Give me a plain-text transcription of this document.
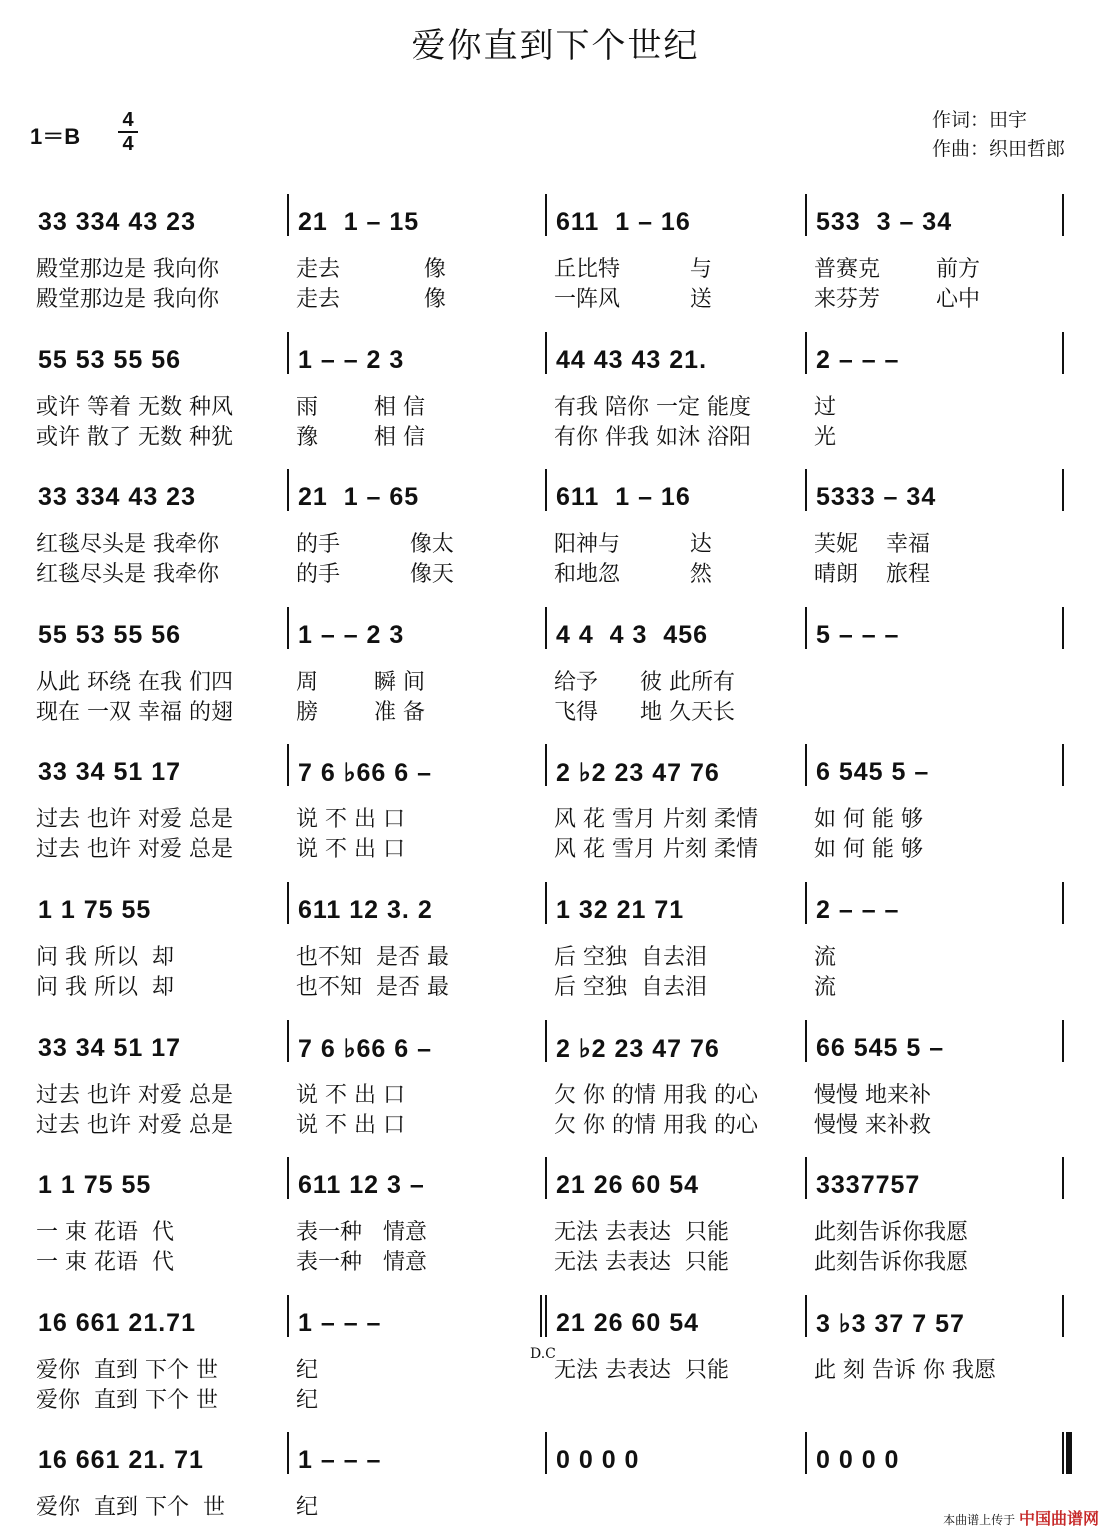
爱你直到下个世纪
1＝B
4
4
作词：田宇
作曲：织田哲郎
33 334 43 23	21  1 – 15	611  1 – 16	533  3 – 34
殿堂那边是 我向你	走去            像	丘比特          与	普赛克        前方
殿堂那边是 我向你	走去            像	一阵风          送	来芬芳        心中
55 53 55 56	1 – – 2 3	44 43 43 21.	2 – – –
或许 等着 无数 种风	雨        相 信	有我 陪你 一定 能度	过
或许 散了 无数 种犹	豫        相 信	有你 伴我 如沐 浴阳	光
33 334 43 23	21  1 – 65	611  1 – 16	5333 – 34
红毯尽头是 我牵你	的手          像太	阳神与          达	芙妮    幸福
红毯尽头是 我牵你	的手          像天	和地忽          然	晴朗    旅程
55 53 55 56	1 – – 2 3	4 4  4 3  456	5 – – –
从此 环绕 在我 们四	周        瞬 间	给予      彼 此所有
现在 一双 幸福 的翅	膀        准 备	飞得      地 久天长
33 34 51 17	7 6 ♭66 6 –	2 ♭2 23 47 76	6 545 5 –
过去 也许 对爱 总是	说 不 出 口	风 花 雪月 片刻 柔情	如 何 能 够
过去 也许 对爱 总是	说 不 出 口	风 花 雪月 片刻 柔情	如 何 能 够
1 1 75 55	611 12 3. 2	1 32 21 71	2 – – –
问 我 所以  却	也不知  是否 最	后 空独  自去泪	流
问 我 所以  却	也不知  是否 最	后 空独  自去泪	流
33 34 51 17	7 6 ♭66 6 –	2 ♭2 23 47 76	66 545 5 –
过去 也许 对爱 总是	说 不 出 口	欠 你 的情 用我 的心	慢慢 地来补
过去 也许 对爱 总是	说 不 出 口	欠 你 的情 用我 的心	慢慢 来补救
1 1 75 55	611 12 3 –	21 26 60 54	3337757
一 束 花语  代	表一种   情意	无法 去表达  只能	此刻告诉你我愿
一 束 花语  代	表一种   情意	无法 去表达  只能	此刻告诉你我愿
16 661 21.71	1 – – –	21 26 60 54	3 ♭3 37 7 57
爱你  直到 下个 世	纪	无法 去表达  只能	此 刻 告诉 你 我愿
爱你  直到 下个 世	纪
16 661 21. 71	1 – – –	0 0 0 0	0 0 0 0
爱你  直到 下个  世	纪
D.C
本曲谱上传于 中国曲谱网
